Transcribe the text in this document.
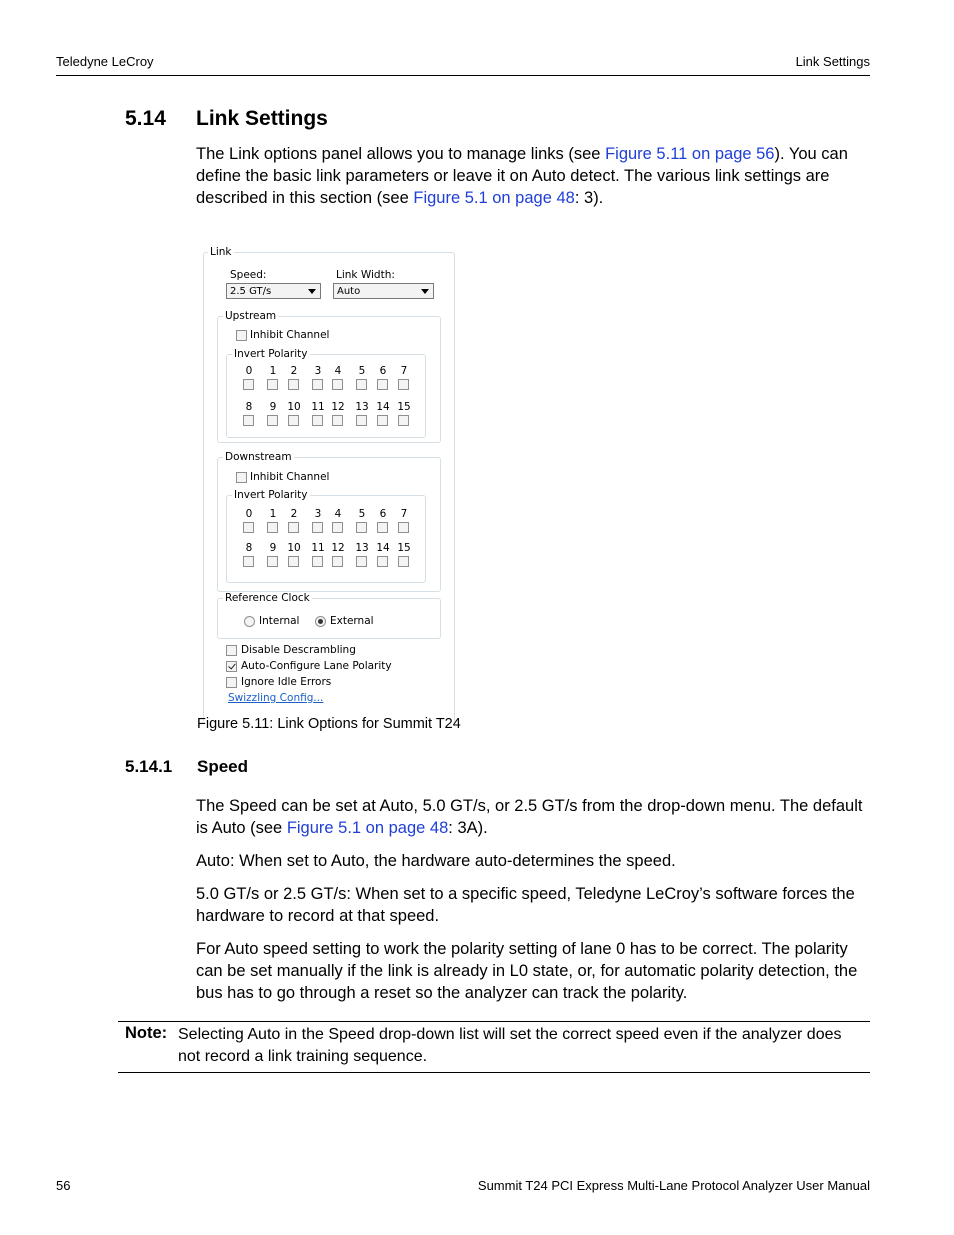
Teledyne LeCroy	Link Settings
5.14 Link Settings

The Link options panel allows you to manage links (see Figure 5.11 on page 56). You can define the basic link parameters or leave it on Auto detect. The various link settings are described in this section (see Figure 5.1 on page 48: 3).

Link
Speed:
2.5 GT/s
Link Width:
Auto
Upstream
Inhibit Channel
Invert Polarity
Downstream
Inhibit Channel
Invert Polarity
Reference Clock
Internal	External
Disable Descrambling
Auto-Configure Lane Polarity
Ignore Idle Errors
Swizzling Config...
0	1	2	3	4	5	6	7
8	9	10 11 12 13 14 15
0	1	2	3	4	5	6	7
8	9	10 11 12 13 14 15
Figure 5.11: Link Options for Summit T24
5.14.1 Speed

The Speed can be set at Auto, 5.0 GT/s, or 2.5 GT/s from the drop-down menu. The default is Auto (see Figure 5.1 on page 48: 3A).

Auto: When set to Auto, the hardware auto-determines the speed.

5.0 GT/s or 2.5 GT/s: When set to a specific speed, Teledyne LeCroy’s software forces the hardware to record at that speed.

For Auto speed setting to work the polarity setting of lane 0 has to be correct. The polarity can be set manually if the link is already in L0 state, or, for automatic polarity detection, the bus has to go through a reset so the analyzer can track the polarity.

Note: Selecting Auto in the Speed drop-down list will set the correct speed even if the analyzer does
not record a link training sequence.
56	Summit T24 PCI Express Multi-Lane Protocol Analyzer User Manual
